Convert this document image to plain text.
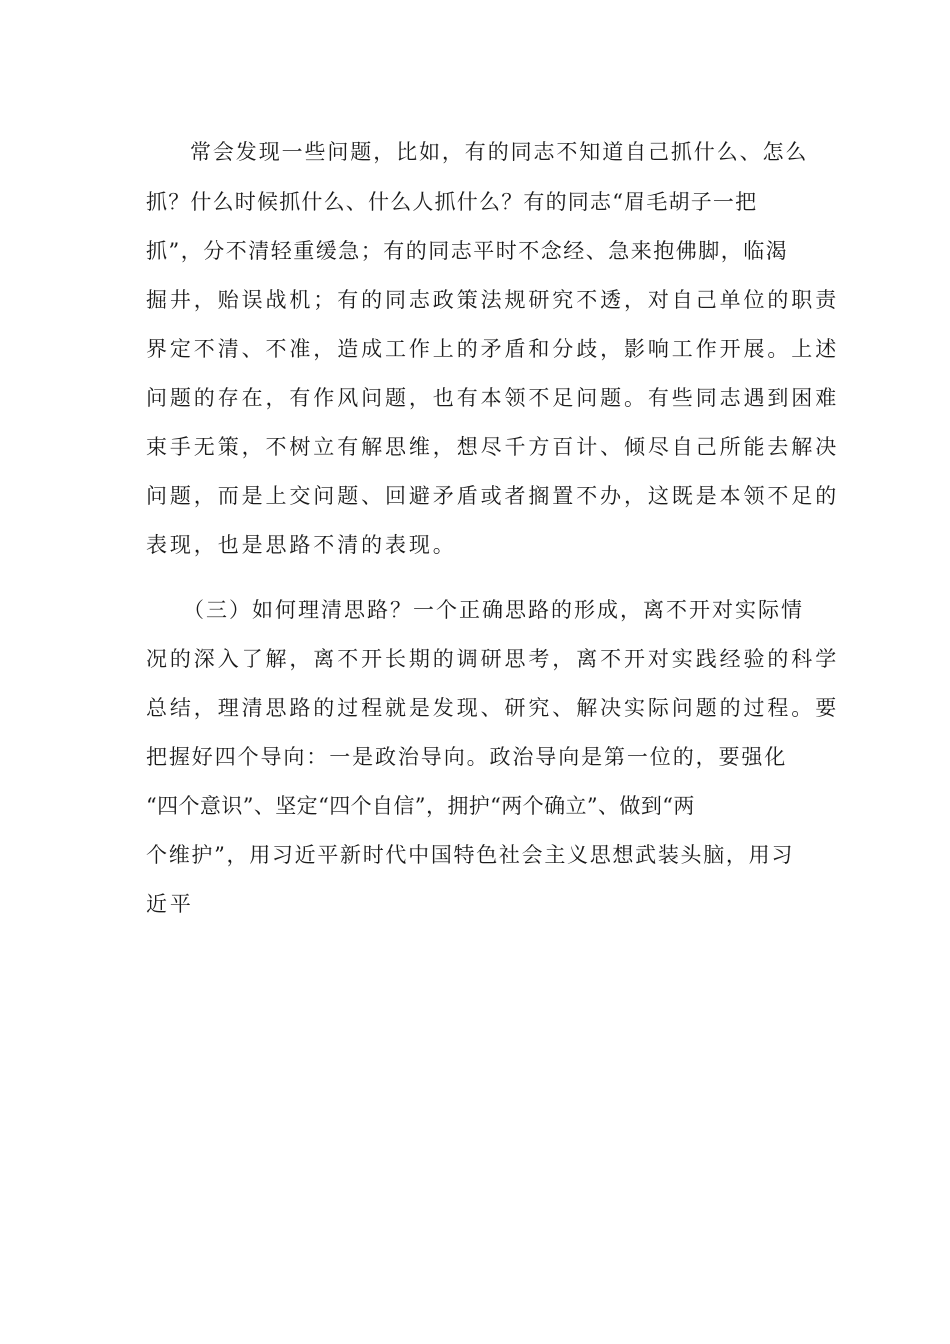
常会发现一些问题，比如，有的同志不知道自己抓什么、怎么
抓？什么时候抓什么、什么人抓什么？有的同志“眉毛胡子一把
抓”，分不清轻重缓急；有的同志平时不念经、急来抱佛脚，临渴
掘井，贻误战机；有的同志政策法规研究不透，对自己单位的职责
界定不清、不准，造成工作上的矛盾和分歧，影响工作开展。上述
问题的存在，有作风问题，也有本领不足问题。有些同志遇到困难
束手无策，不树立有解思维，想尽千方百计、倾尽自己所能去解决
问题，而是上交问题、回避矛盾或者搁置不办，这既是本领不足的
表现，也是思路不清的表现。
（三）如何理清思路？一个正确思路的形成，离不开对实际情
况的深入了解，离不开长期的调研思考，离不开对实践经验的科学
总结，理清思路的过程就是发现、研究、解决实际问题的过程。要
把握好四个导向：一是政治导向。政治导向是第一位的，要强化
“四个意识”、坚定“四个自信”，拥护“两个确立”、做到“两
个维护”，用习近平新时代中国特色社会主义思想武装头脑，用习
近平
